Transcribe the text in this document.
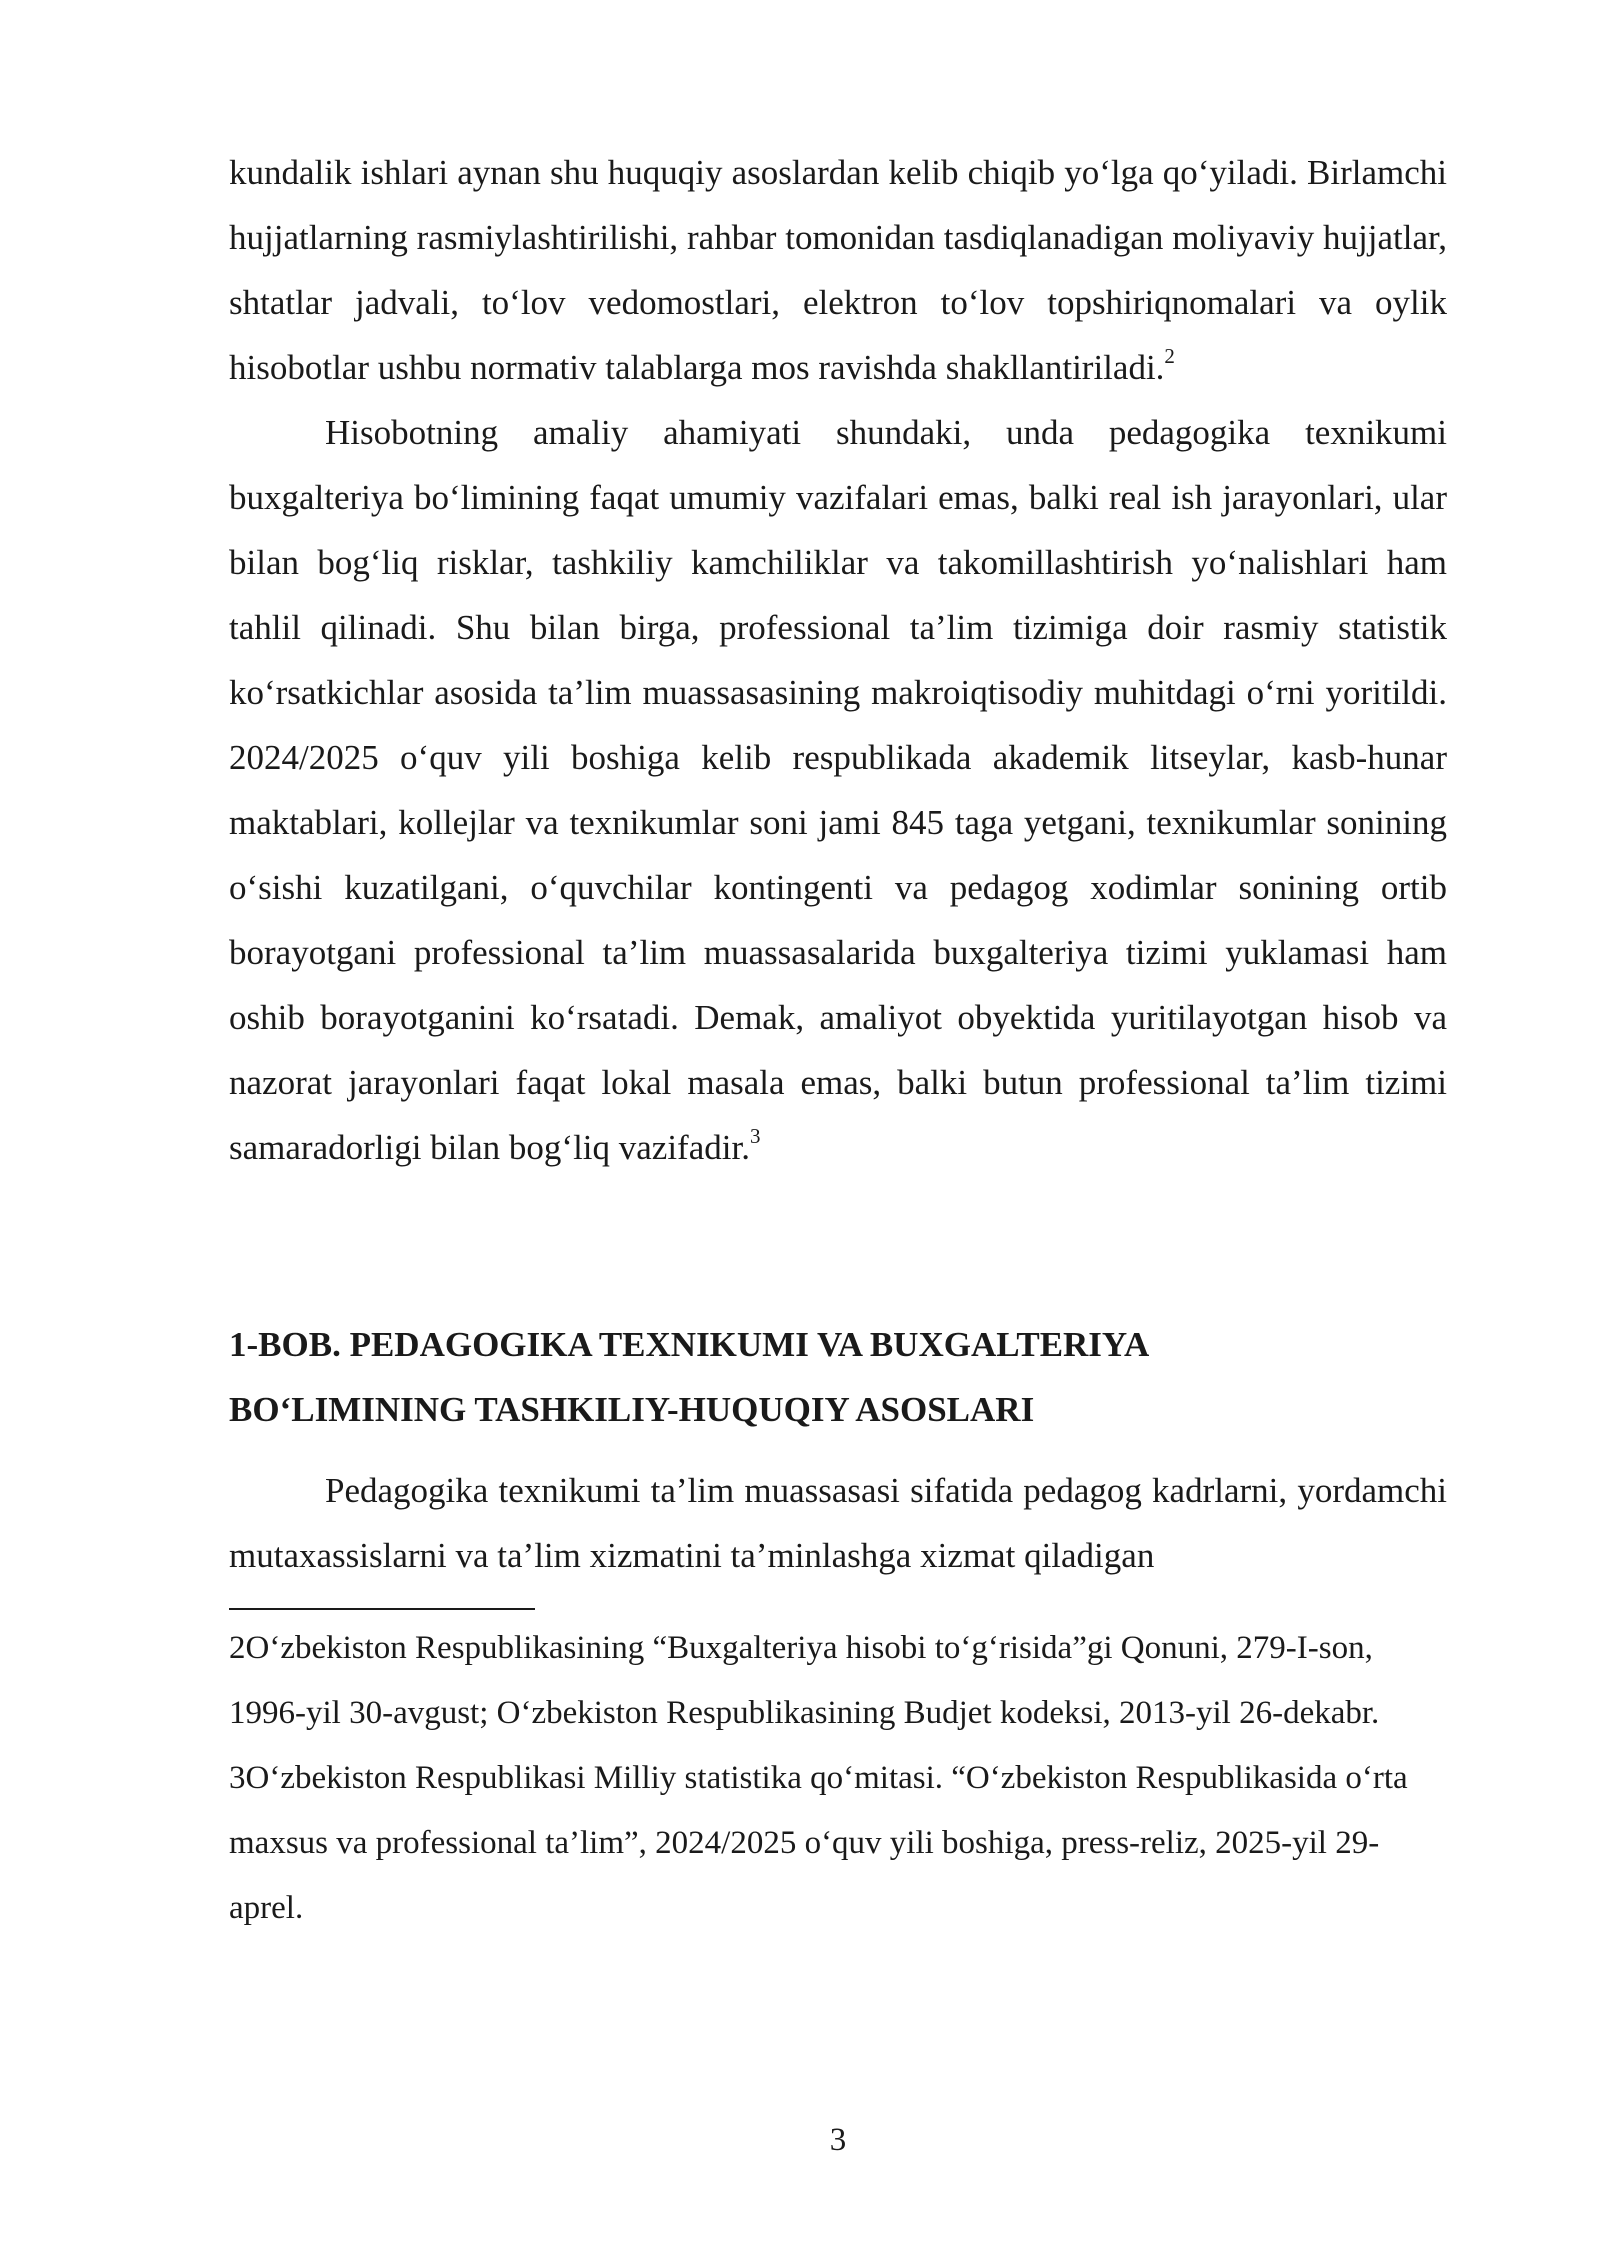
kundalik ishlari aynan shu huquqiy asoslardan kelib chiqib yo‘lga qo‘yiladi. Birlamchi hujjatlarning rasmiylashtirilishi, rahbar tomonidan tasdiqlanadigan moliyaviy hujjatlar, shtatlar jadvali, to‘lov vedomostlari, elektron to‘lov topshiriqnomalari va oylik hisobotlar ushbu normativ talablarga mos ravishda shakllantiriladi.$^2$

Hisobotning amaliy ahamiyati shundaki, unda pedagogika texnikumi buxgalteriya bo‘limining faqat umumiy vazifalari emas, balki real ish jarayonlari, ular bilan bog‘liq risklar, tashkiliy kamchiliklar va takomillashtirish yo‘nalishlari ham tahlil qilinadi. Shu bilan birga, professional ta’lim tizimiga doir rasmiy statistik ko‘rsatkichlar asosida ta’lim muassasasining makroiqtisodiy muhitdagi o‘rni yoritildi. 2024/2025 o‘quv yili boshiga kelib respublikada akademik litseylar, kasb-hunar maktablari, kollejlar va texnikumlar soni jami 845 taga yetgani, texnikumlar sonining o‘sishi kuzatilgani, o‘quvchilar kontingenti va pedagog xodimlar sonining ortib borayotgani professional ta’lim muassasalarida buxgalteriya tizimi yuklamasi ham oshib borayotganini ko‘rsatadi. Demak, amaliyot obyektida yuritilayotgan hisob va nazorat jarayonlari faqat lokal masala emas, balki butun professional ta’lim tizimi samaradorligi bilan bog‘liq vazifadir.$^3$

1-BOB. PEDAGOGIKA TEXNIKUMI VA BUXGALTERIYA
BO‘LIMINING TASHKILIY-HUQUQIY ASOSLARI

Pedagogika texnikumi ta’lim muassasasi sifatida pedagog kadrlarni, yordamchi mutaxassislarni va ta’lim xizmatini ta’minlashga xizmat qiladigan

2O‘zbekiston Respublikasining “Buxgalteriya hisobi to‘g‘risida”gi Qonuni, 279-I-son, 1996-yil 30-avgust; O‘zbekiston Respublikasining Budjet kodeksi, 2013-yil 26-dekabr.

3O‘zbekiston Respublikasi Milliy statistika qo‘mitasi. “O‘zbekiston Respublikasida o‘rta maxsus va professional ta’lim”, 2024/2025 o‘quv yili boshiga, press-reliz, 2025-yil 29-aprel.

3
